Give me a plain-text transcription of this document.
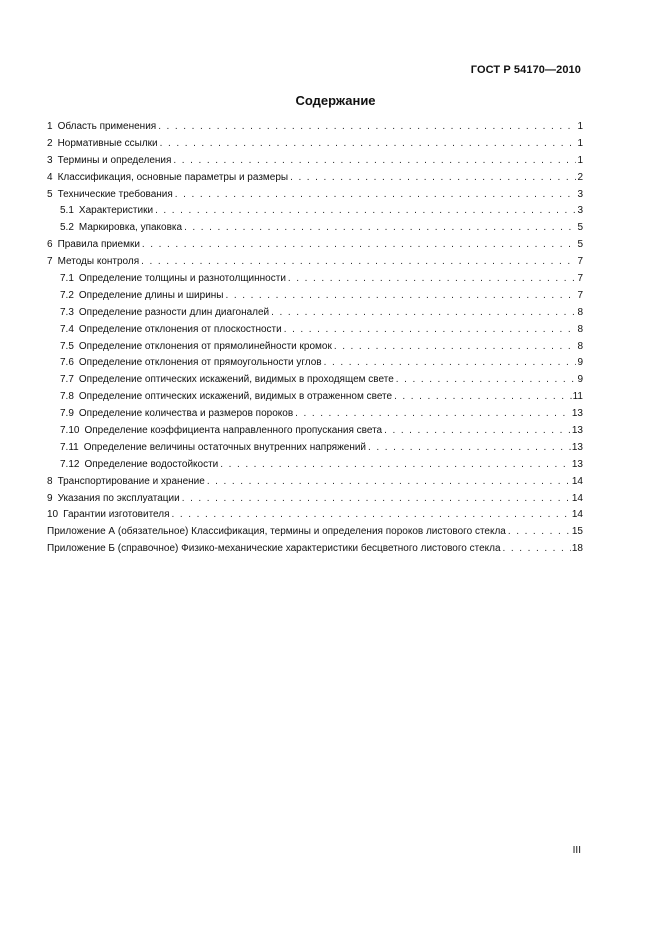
ГОСТ Р 54170—2010
Содержание
1 Область применения . . .	1
2 Нормативные ссылки . . .	1
3 Термины и определения . . .	1
4 Классификация, основные параметры и размеры . . .	2
5 Технические требования . . .	3
5.1 Характеристики . . .	3
5.2 Маркировка, упаковка . . .	5
6 Правила приемки . . .	5
7 Методы контроля . . .	7
7.1 Определение толщины и разнотолщинности . . .	7
7.2 Определение длины и ширины . . .	7
7.3 Определение разности длин диагоналей . . .	8
7.4 Определение отклонения от плоскостности . . .	8
7.5 Определение отклонения от прямолинейности кромок . . .	8
7.6 Определение отклонения от прямоугольности углов . . .	9
7.7 Определение оптических искажений, видимых в проходящем свете . . .	9
7.8 Определение оптических искажений, видимых в отраженном свете . . .	11
7.9 Определение количества и размеров пороков . . .	13
7.10 Определение коэффициента направленного пропускания света . . .	13
7.11 Определение величины остаточных внутренних напряжений . . .	13
7.12 Определение водостойкости . . .	13
8 Транспортирование и хранение . . .	14
9 Указания по эксплуатации . . .	14
10 Гарантии изготовителя . . .	14
Приложение А (обязательное) Классификация, термины и определения пороков листового стекла . . .	15
Приложение Б (справочное) Физико-механические характеристики бесцветного листового стекла . . .	18
III
